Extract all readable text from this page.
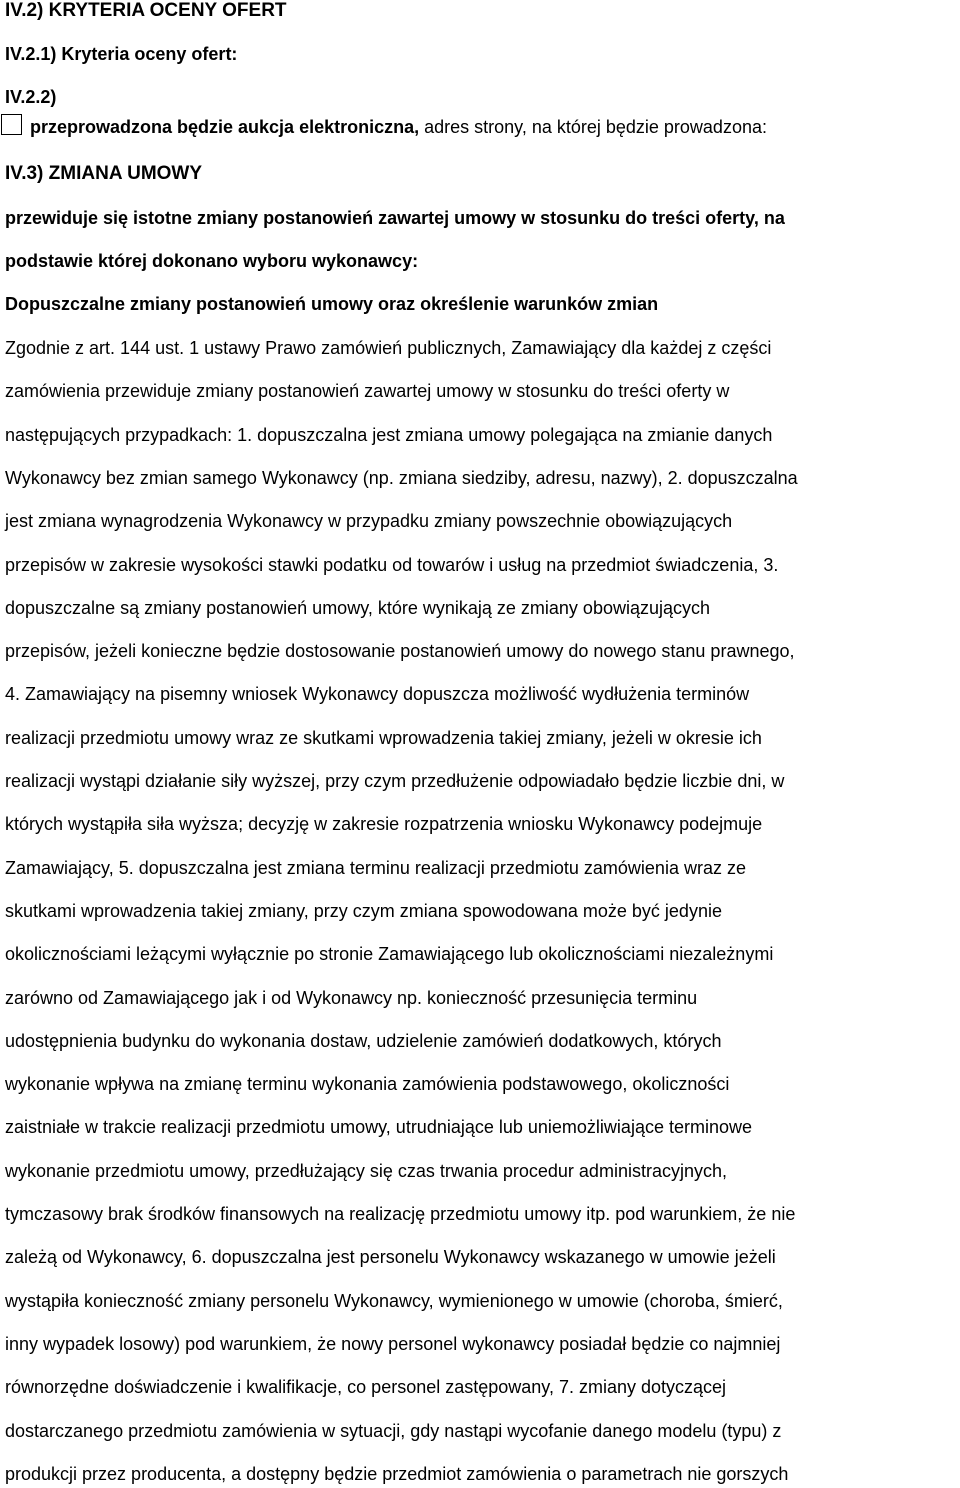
IV.2) KRYTERIA OCENY OFERT
IV.2.1) Kryteria oceny ofert:
IV.2.2)
przeprowadzona będzie aukcja elektroniczna, adres strony, na której będzie prowadzona:
IV.3) ZMIANA UMOWY
przewiduje się istotne zmiany postanowień zawartej umowy w stosunku do treści oferty, na
podstawie której dokonano wyboru wykonawcy:
Dopuszczalne zmiany postanowień umowy oraz określenie warunków zmian
Zgodnie z art. 144 ust. 1 ustawy Prawo zamówień publicznych, Zamawiający dla każdej z części
zamówienia przewiduje zmiany postanowień zawartej umowy w stosunku do treści oferty w
następujących przypadkach: 1. dopuszczalna jest zmiana umowy polegająca na zmianie danych
Wykonawcy bez zmian samego Wykonawcy (np. zmiana siedziby, adresu, nazwy), 2. dopuszczalna
jest zmiana wynagrodzenia Wykonawcy w przypadku zmiany powszechnie obowiązujących
przepisów w zakresie wysokości stawki podatku od towarów i usług na przedmiot świadczenia, 3.
dopuszczalne są zmiany postanowień umowy, które wynikają ze zmiany obowiązujących
przepisów, jeżeli konieczne będzie dostosowanie postanowień umowy do nowego stanu prawnego,
4. Zamawiający na pisemny wniosek Wykonawcy dopuszcza możliwość wydłużenia terminów
realizacji przedmiotu umowy wraz ze skutkami wprowadzenia takiej zmiany, jeżeli w okresie ich
realizacji wystąpi działanie siły wyższej, przy czym przedłużenie odpowiadało będzie liczbie dni, w
których wystąpiła siła wyższa; decyzję w zakresie rozpatrzenia wniosku Wykonawcy podejmuje
Zamawiający, 5. dopuszczalna jest zmiana terminu realizacji przedmiotu zamówienia wraz ze
skutkami wprowadzenia takiej zmiany, przy czym zmiana spowodowana może być jedynie
okolicznościami leżącymi wyłącznie po stronie Zamawiającego lub okolicznościami niezależnymi
zarówno od Zamawiającego jak i od Wykonawcy np. konieczność przesunięcia terminu
udostępnienia budynku do wykonania dostaw, udzielenie zamówień dodatkowych, których
wykonanie wpływa na zmianę terminu wykonania zamówienia podstawowego, okoliczności
zaistniałe w trakcie realizacji przedmiotu umowy, utrudniające lub uniemożliwiające terminowe
wykonanie przedmiotu umowy, przedłużający się czas trwania procedur administracyjnych,
tymczasowy brak środków finansowych na realizację przedmiotu umowy itp. pod warunkiem, że nie
zależą od Wykonawcy, 6. dopuszczalna jest personelu Wykonawcy wskazanego w umowie jeżeli
wystąpiła konieczność zmiany personelu Wykonawcy, wymienionego w umowie (choroba, śmierć,
inny wypadek losowy) pod warunkiem, że nowy personel wykonawcy posiadał będzie co najmniej
równorzędne doświadczenie i kwalifikacje, co personel zastępowany, 7. zmiany dotyczącej
dostarczanego przedmiotu zamówienia w sytuacji, gdy nastąpi wycofanie danego modelu (typu) z
produkcji przez producenta, a dostępny będzie przedmiot zamówienia o parametrach nie gorszych
